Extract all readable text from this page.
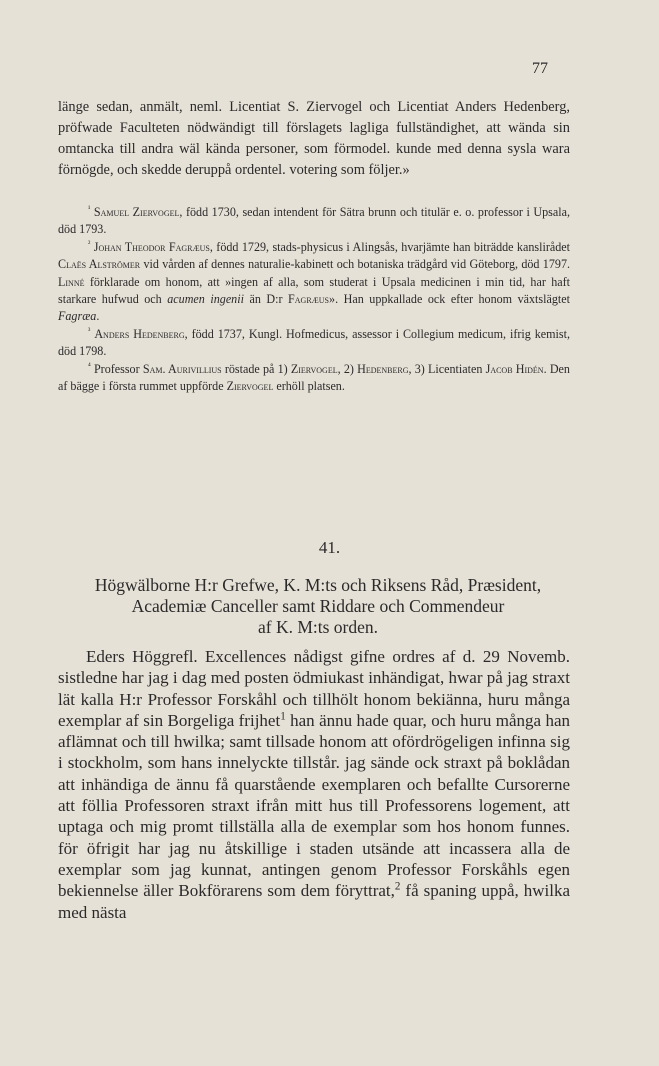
77
länge sedan, anmält, neml. Licentiat S. Ziervogel och Licentiat Anders Hedenberg, pröfwade Faculteten nödwändigt till förslagets lagliga fullständighet, att wända sin omtancka till andra wäl kända personer, som förmodel. kunde med denna sysla wara förnögde, och skedde deruppå ordentel. votering som följer.»

$^{^1}$ Samuel Ziervogel, född 1730, sedan intendent för Sätra brunn och titulär e. o. professor i Upsala, död 1793.

$^{^2}$ Johan Theodor Fagræus, född 1729, stads-physicus i Alingsås, hvarjämte han biträdde kanslirådet Claës Alströmer vid vården af dennes naturalie-kabinett och botaniska trädgård vid Göteborg, död 1797. Linné förklarade om honom, att »ingen af alla, som studerat i Upsala medicinen i min tid, har haft starkare hufwud och acumen ingenii än D:r Fagræus». Han uppkallade ock efter honom växtslägtet Fagræa.

$^{^3}$ Anders Hedenberg, född 1737, Kungl. Hofmedicus, assessor i Collegium medicum, ifrig kemist, död 1798.

$^{^4}$ Professor Sam. Aurivillius röstade på 1) Ziervogel, 2) Hedenberg, 3) Licentiaten Jacob Hidén. Den af bägge i första rummet uppförde Ziervogel erhöll platsen.

41.
Högwälborne H:r Grefwe, K. M:ts och Riksens Råd, Præsident,
Academiæ Canceller samt Riddare och Commendeur
af K. M:ts orden.

Eders Höggrefl. Excellences nådigst gifne ordres af d. 29 Novemb. sistledne har jag i dag med posten ödmiukast inhändigat, hwar på jag straxt lät kalla H:r Professor Forskåhl och tillhölt honom bekiänna, huru många exemplar af sin Borgeliga frijhet$^1$ han ännu hade quar, och huru många han aflämnat och till hwilka; samt tillsade honom att ofördrögeligen infinna sig i stockholm, som hans innelyckte tillstår. jag sände ock straxt på boklådan att inhändiga de ännu få quarstående exemplaren och befallte Cursorerne att föllia Professoren straxt ifrån mitt hus till Professorens logement, att uptaga och mig promt tillställa alla de exemplar som hos honom funnes. för öfrigit har jag nu åtskillige i staden utsände att incassera alla de exemplar som jag kunnat, antingen genom Professor Forskåhls egen bekiennelse äller Bokförarens som dem föryttrat,$^2$ få spaning uppå, hwilka med nästa
